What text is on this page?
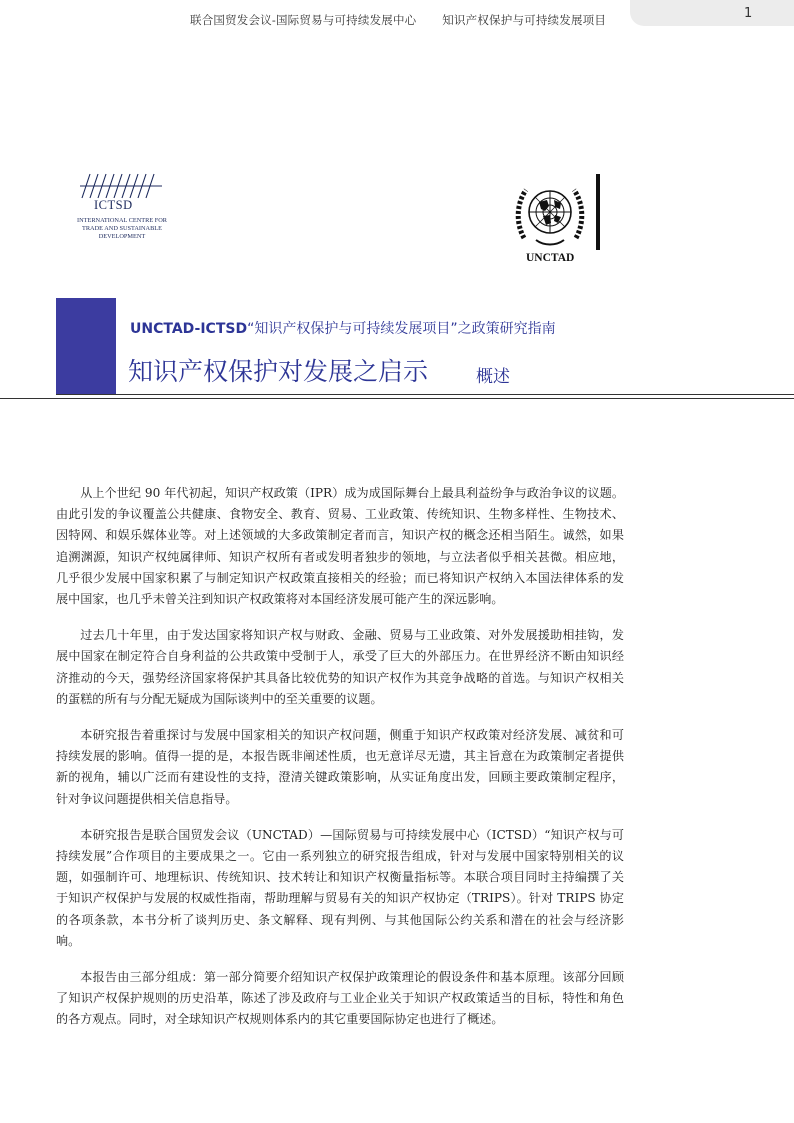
联合国贸发会议-国际贸易与可持续发展中心 知识产权保护与可持续发展项目	1
ICTSD
INTERNATIONAL CENTRE FOR
TRADE AND SUSTAINABLE
DEVELOPMENT
UNCTAD
UNCTAD-ICTSD“知识产权保护与可持续发展项目”之政策研究指南
知识产权保护对发展之启示	概述

从上个世纪 90 年代初起，知识产权政策（IPR）成为成国际舞台上最具利益纷争与政治争议的议题。由此引发的争议覆盖公共健康、食物安全、教育、贸易、工业政策、传统知识、生物多样性、生物技术、因特网、和娱乐媒体业等。对上述领域的大多政策制定者而言，知识产权的概念还相当陌生。诚然，如果追溯渊源，知识产权纯属律师、知识产权所有者或发明者独步的领地，与立法者似乎相关甚微。相应地，几乎很少发展中国家积累了与制定知识产权政策直接相关的经验；而已将知识产权纳入本国法律体系的发展中国家，也几乎未曾关注到知识产权政策将对本国经济发展可能产生的深远影响。

过去几十年里，由于发达国家将知识产权与财政、金融、贸易与工业政策、对外发展援助相挂钩，发展中国家在制定符合自身利益的公共政策中受制于人，承受了巨大的外部压力。在世界经济不断由知识经济推动的今天，强势经济国家将保护其具备比较优势的知识产权作为其竞争战略的首选。与知识产权相关的蛋糕的所有与分配无疑成为国际谈判中的至关重要的议题。

本研究报告着重探讨与发展中国家相关的知识产权问题，侧重于知识产权政策对经济发展、减贫和可持续发展的影响。值得一提的是，本报告既非阐述性质，也无意详尽无遗，其主旨意在为政策制定者提供新的视角，辅以广泛而有建设性的支持，澄清关键政策影响，从实证角度出发，回顾主要政策制定程序，针对争议问题提供相关信息指导。

本研究报告是联合国贸发会议（UNCTAD）—国际贸易与可持续发展中心（ICTSD）“知识产权与可持续发展”合作项目的主要成果之一。它由一系列独立的研究报告组成，针对与发展中国家特别相关的议题，如强制许可、地理标识、传统知识、技术转让和知识产权衡量指标等。本联合项目同时主持编撰了关于知识产权保护与发展的权威性指南，帮助理解与贸易有关的知识产权协定（TRIPS）。针对 TRIPS 协定的各项条款，本书分析了谈判历史、条文解释、现有判例、与其他国际公约关系和潜在的社会与经济影响。

本报告由三部分组成：第一部分简要介绍知识产权保护政策理论的假设条件和基本原理。该部分回顾了知识产权保护规则的历史沿革，陈述了涉及政府与工业企业关于知识产权政策适当的目标，特性和角色的各方观点。同时，对全球知识产权规则体系内的其它重要国际协定也进行了概述。
